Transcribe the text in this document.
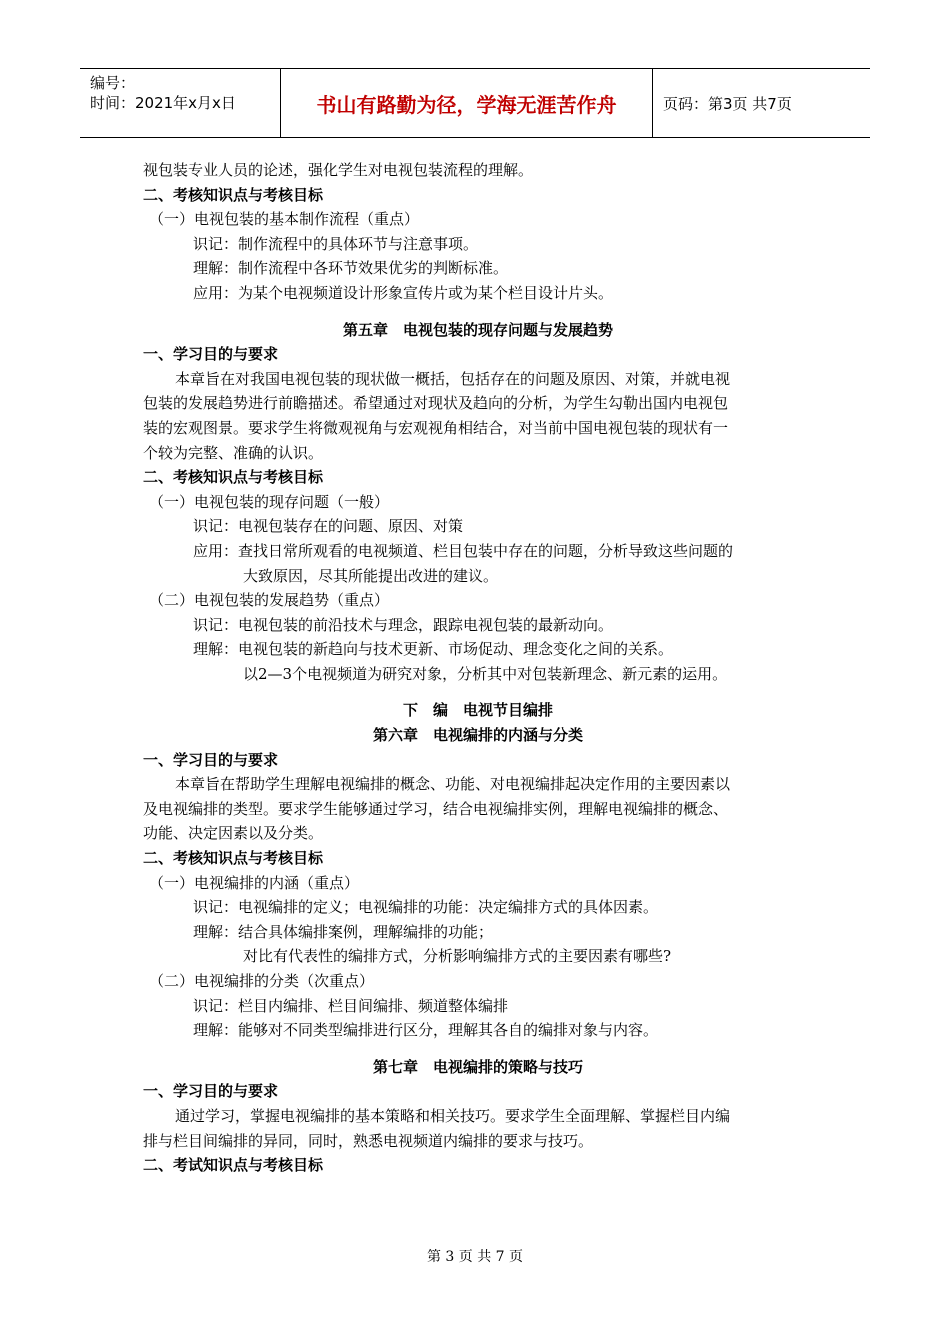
编号：
时间：2021年x月x日	书山有路勤为径，学海无涯苦作舟	页码：第3页 共7页
视包装专业人员的论述，强化学生对电视包装流程的理解。
二、考核知识点与考核目标
（一）电视包装的基本制作流程（重点）
识记：制作流程中的具体环节与注意事项。
理解：制作流程中各环节效果优劣的判断标准。
应用：为某个电视频道设计形象宣传片或为某个栏目设计片头。
第五章　电视包装的现存问题与发展趋势
一、学习目的与要求
本章旨在对我国电视包装的现状做一概括，包括存在的问题及原因、对策，并就电视
包装的发展趋势进行前瞻描述。希望通过对现状及趋向的分析，为学生勾勒出国内电视包
装的宏观图景。要求学生将微观视角与宏观视角相结合，对当前中国电视包装的现状有一
个较为完整、准确的认识。
二、考核知识点与考核目标
（一）电视包装的现存问题（一般）
识记：电视包装存在的问题、原因、对策
应用：查找日常所观看的电视频道、栏目包装中存在的问题，分析导致这些问题的
大致原因，尽其所能提出改进的建议。
（二）电视包装的发展趋势（重点）
识记：电视包装的前沿技术与理念，跟踪电视包装的最新动向。
理解：电视包装的新趋向与技术更新、市场促动、理念变化之间的关系。
以2—3个电视频道为研究对象，分析其中对包装新理念、新元素的运用。
下　编　电视节目编排
第六章　电视编排的内涵与分类
一、学习目的与要求
本章旨在帮助学生理解电视编排的概念、功能、对电视编排起决定作用的主要因素以
及电视编排的类型。要求学生能够通过学习，结合电视编排实例，理解电视编排的概念、
功能、决定因素以及分类。
二、考核知识点与考核目标
（一）电视编排的内涵（重点）
识记：电视编排的定义；电视编排的功能：决定编排方式的具体因素。
理解：结合具体编排案例，理解编排的功能；
对比有代表性的编排方式，分析影响编排方式的主要因素有哪些?
（二）电视编排的分类（次重点）
识记：栏目内编排、栏目间编排、频道整体编排
理解：能够对不同类型编排进行区分，理解其各自的编排对象与内容。
第七章　电视编排的策略与技巧
一、学习目的与要求
通过学习，掌握电视编排的基本策略和相关技巧。要求学生全面理解、掌握栏目内编
排与栏目间编排的异同，同时，熟悉电视频道内编排的要求与技巧。
二、考试知识点与考核目标
第 3 页 共 7 页
